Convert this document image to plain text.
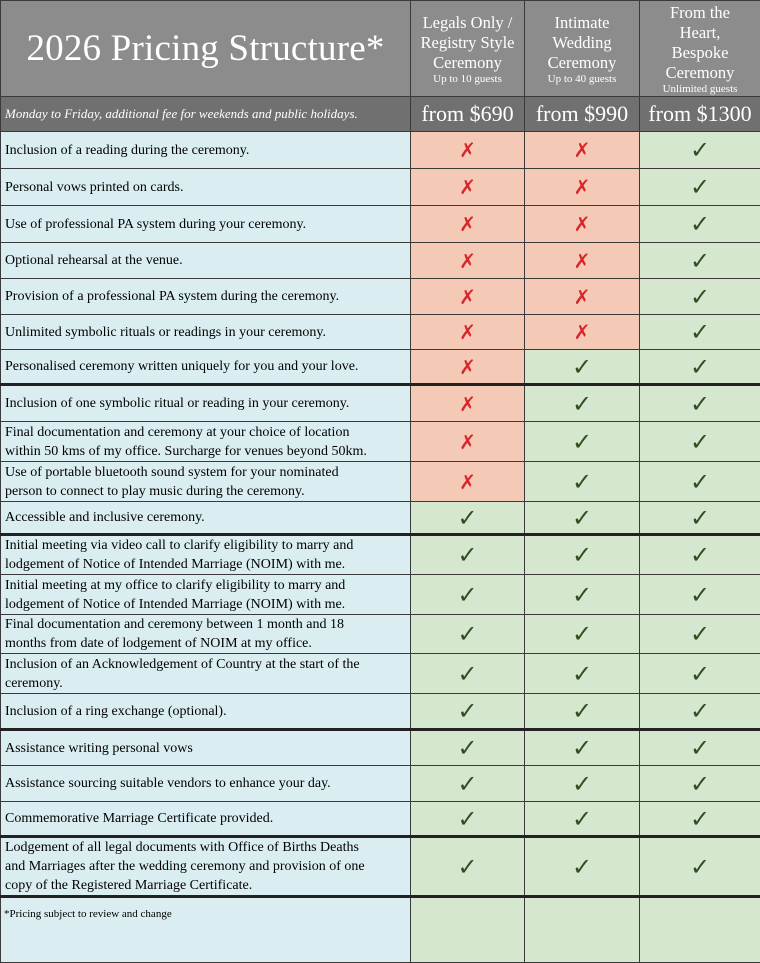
2026 Pricing Structure*	Legals Only /
Registry Style
Ceremony
Up to 10 guests	Intimate
Wedding
Ceremony
Up to 40 guests	From the
Heart,
Bespoke
Ceremony
Unlimited guests

Monday to Friday, additional fee for weekends and public holidays.	from $690	from $990	from $1300

Inclusion of a reading during the ceremony.	✗	✗	✓

Personal vows printed on cards.	✗	✗	✓

Use of professional PA system during your ceremony.	✗	✗	✓

Optional rehearsal at the venue.	✗	✗	✓

Provision of a professional PA system during the ceremony.	✗	✗	✓

Unlimited symbolic rituals or readings in your ceremony.	✗	✗	✓

Personalised ceremony written uniquely for you and your love.	✗	✓	✓

Inclusion of one symbolic ritual or reading in your ceremony.	✗	✓	✓

Final documentation and ceremony at your choice of location
within 50 kms of my office. Surcharge for venues beyond 50km.	✗	✓	✓

Use of portable bluetooth sound system for your nominated
person to connect to play music during the ceremony.	✗	✓	✓

Accessible and inclusive ceremony.	✓	✓	✓

Initial meeting via video call to clarify eligibility to marry and
lodgement of Notice of Intended Marriage (NOIM) with me.	✓	✓	✓

Initial meeting at my office to clarify eligibility to marry and
lodgement of Notice of Intended Marriage (NOIM) with me.	✓	✓	✓

Final documentation and ceremony between 1 month and 18
months from date of lodgement of NOIM at my office.	✓	✓	✓

Inclusion of an Acknowledgement of Country at the start of the
ceremony.	✓	✓	✓

Inclusion of a ring exchange (optional).	✓	✓	✓

Assistance writing personal vows	✓	✓	✓

Assistance sourcing suitable vendors to enhance your day.	✓	✓	✓

Commemorative Marriage Certificate provided.	✓	✓	✓

Lodgement of all legal documents with Office of Births Deaths
and Marriages after the wedding ceremony and provision of one
copy of the Registered Marriage Certificate.	✓	✓	✓

*Pricing subject to review and change			
